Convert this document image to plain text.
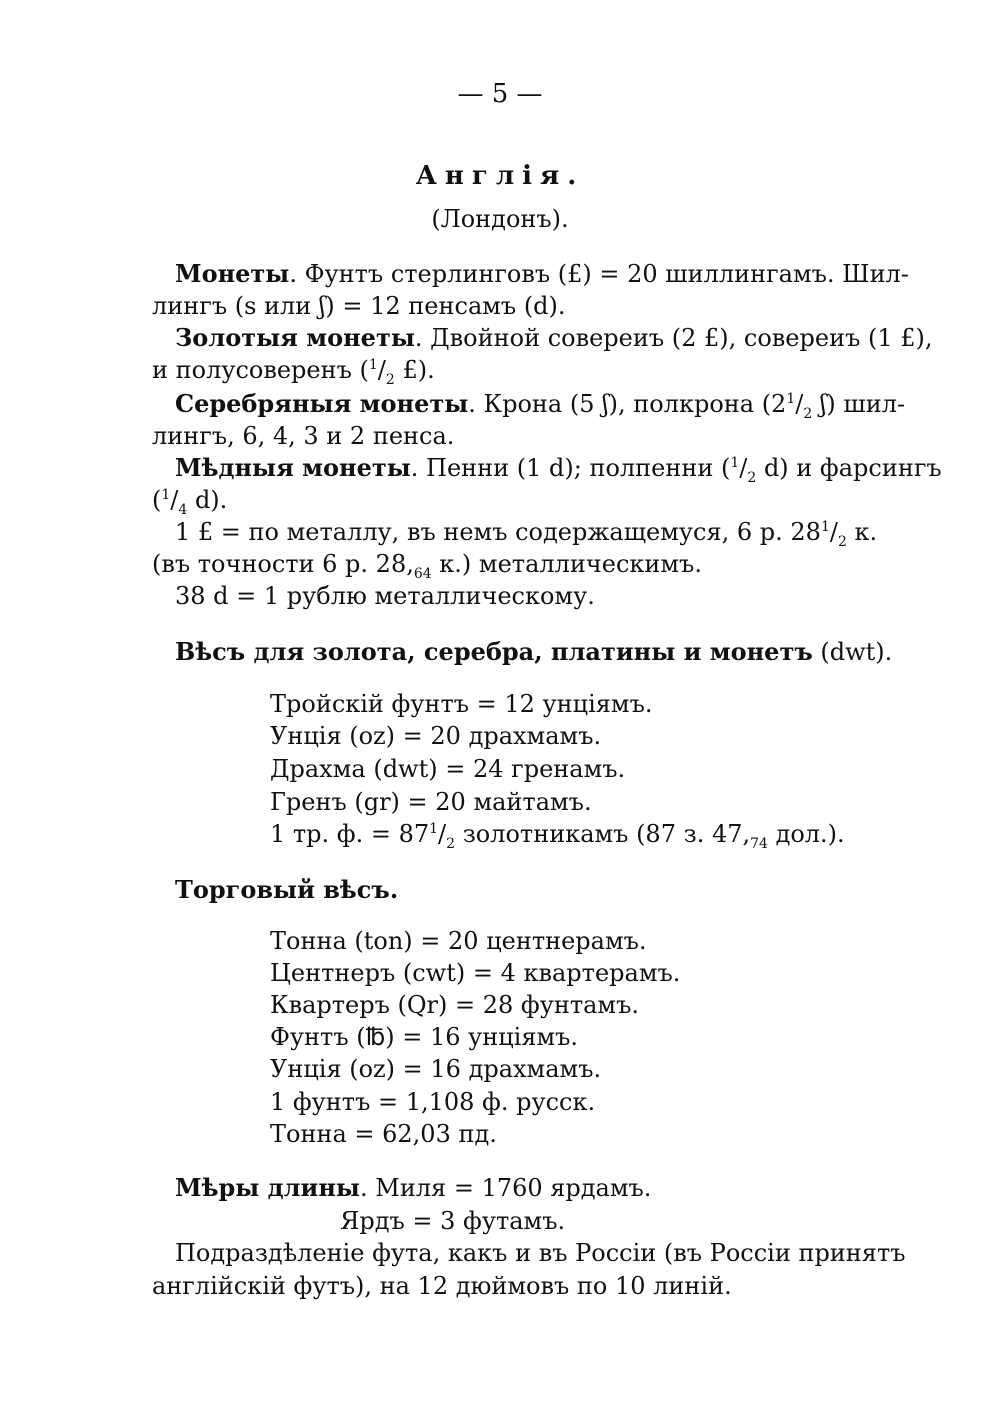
— 5 —
Англія.
(Лондонъ).
Монеты. Фунтъ стерлинговъ (£) = 20 шиллингамъ. Шил-
лингъ (s или ʃ) = 12 пенсамъ (d).
Золотыя монеты. Двойной совереиъ (2 £), совереиъ (1 £),
и полусоверенъ ($^1/_2$ £).
Серебряныя монеты. Крона (5 ʃ), полкрона ($2^1/_2$ ʃ) шил-
лингъ, 6, 4, 3 и 2 пенса.
Мѣдныя монеты. Пенни (1 d); полпенни ($^1/_2$ d) и фарсингъ
($^1/_4$ d).
1 £ = по металлу, въ немъ содержащемуся, 6 р. $28^1/_2$ к.
(въ точности 6 р. $28,_{64}$ к.) металлическимъ.
38 d = 1 рублю металлическому.
Вѣсъ для золота, серебра, платины и монетъ (dwt).
Тройскій фунтъ = 12 унціямъ.
Унція (oz) = 20 драхмамъ.
Драхма (dwt) = 24 гренамъ.
Гренъ (gr) = 20 майтамъ.
1 тр. ф. = $87^1/_2$ золотникамъ (87 з. $47,_{74}$ дол.).
Торговый вѣсъ.
Тонна (ton) = 20 центнерамъ.
Центнеръ (cwt) = 4 квартерамъ.
Квартеръ (Qr) = 28 фунтамъ.
Фунтъ (℔) = 16 унціямъ.
Унція (oz) = 16 драхмамъ.
1 фунтъ = 1,108 ф. русск.
Тонна = 62,03 пд.
Мѣры длины. Миля = 1760 ярдамъ.
Ярдъ = 3 футамъ.
Подраздѣленіе фута, какъ и въ Россіи (въ Россіи принятъ
англійскій футъ), на 12 дюймовъ по 10 линій.
